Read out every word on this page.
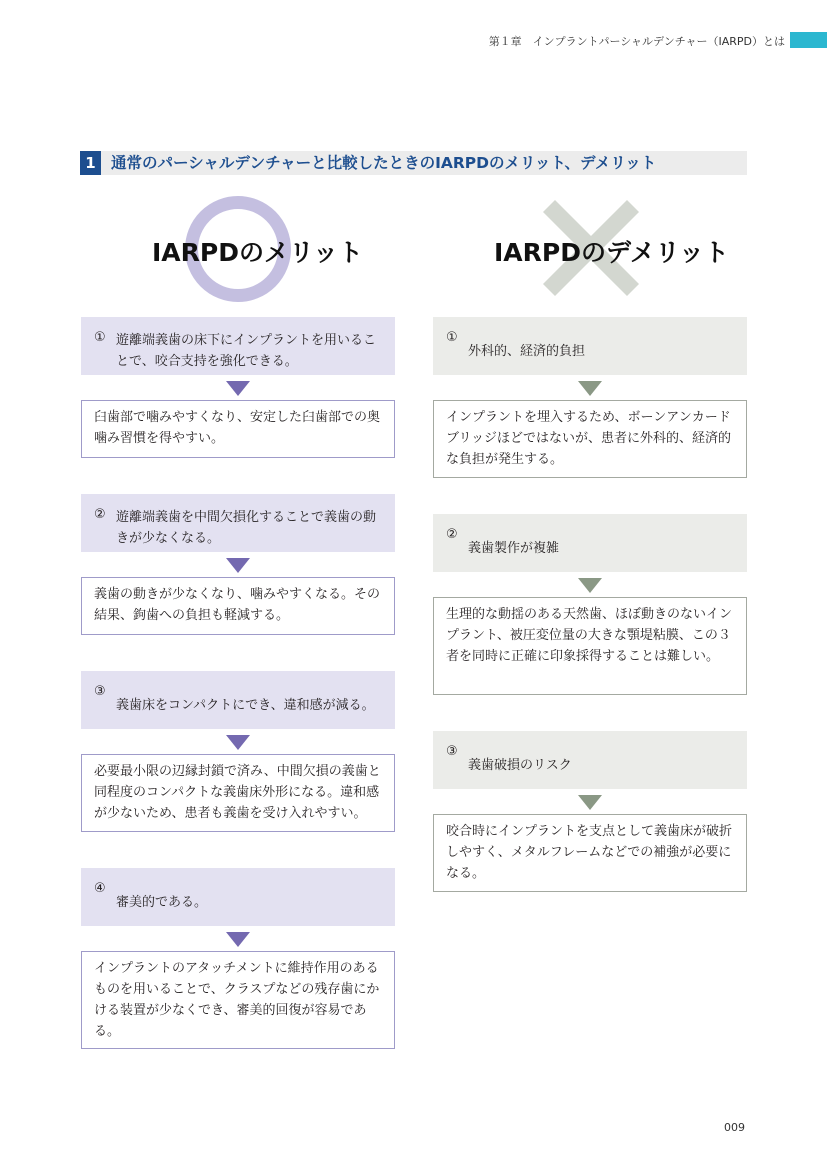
第１章　インプラントパーシャルデンチャー（IARPD）とは
1 通常のパーシャルデンチャーと比較したときのIARPDのメリット、デメリット
IARPDのメリット	IARPDのデメリット
① 遊離端義歯の床下にインプラントを用いることで、咬合支持を強化できる。
臼歯部で噛みやすくなり、安定した臼歯部での奥噛み習慣を得やすい。
② 遊離端義歯を中間欠損化することで義歯の動きが少なくなる。
義歯の動きが少なくなり、噛みやすくなる。その結果、鉤歯への負担も軽減する。
③
義歯床をコンパクトにでき、違和感が減る。
必要最小限の辺縁封鎖で済み、中間欠損の義歯と同程度のコンパクトな義歯床外形になる。違和感が少ないため、患者も義歯を受け入れやすい。
④
審美的である。
インプラントのアタッチメントに維持作用のあるものを用いることで、クラスプなどの残存歯にかける装置が少なくでき、審美的回復が容易である。
①
外科的、経済的負担
インプラントを埋入するため、ボーンアンカードブリッジほどではないが、患者に外科的、経済的な負担が発生する。
②
義歯製作が複雑
生理的な動揺のある天然歯、ほぼ動きのないインプラント、被圧変位量の大きな顎堤粘膜、この３者を同時に正確に印象採得することは難しい。
③
義歯破損のリスク
咬合時にインプラントを支点として義歯床が破折しやすく、メタルフレームなどでの補強が必要になる。
009
